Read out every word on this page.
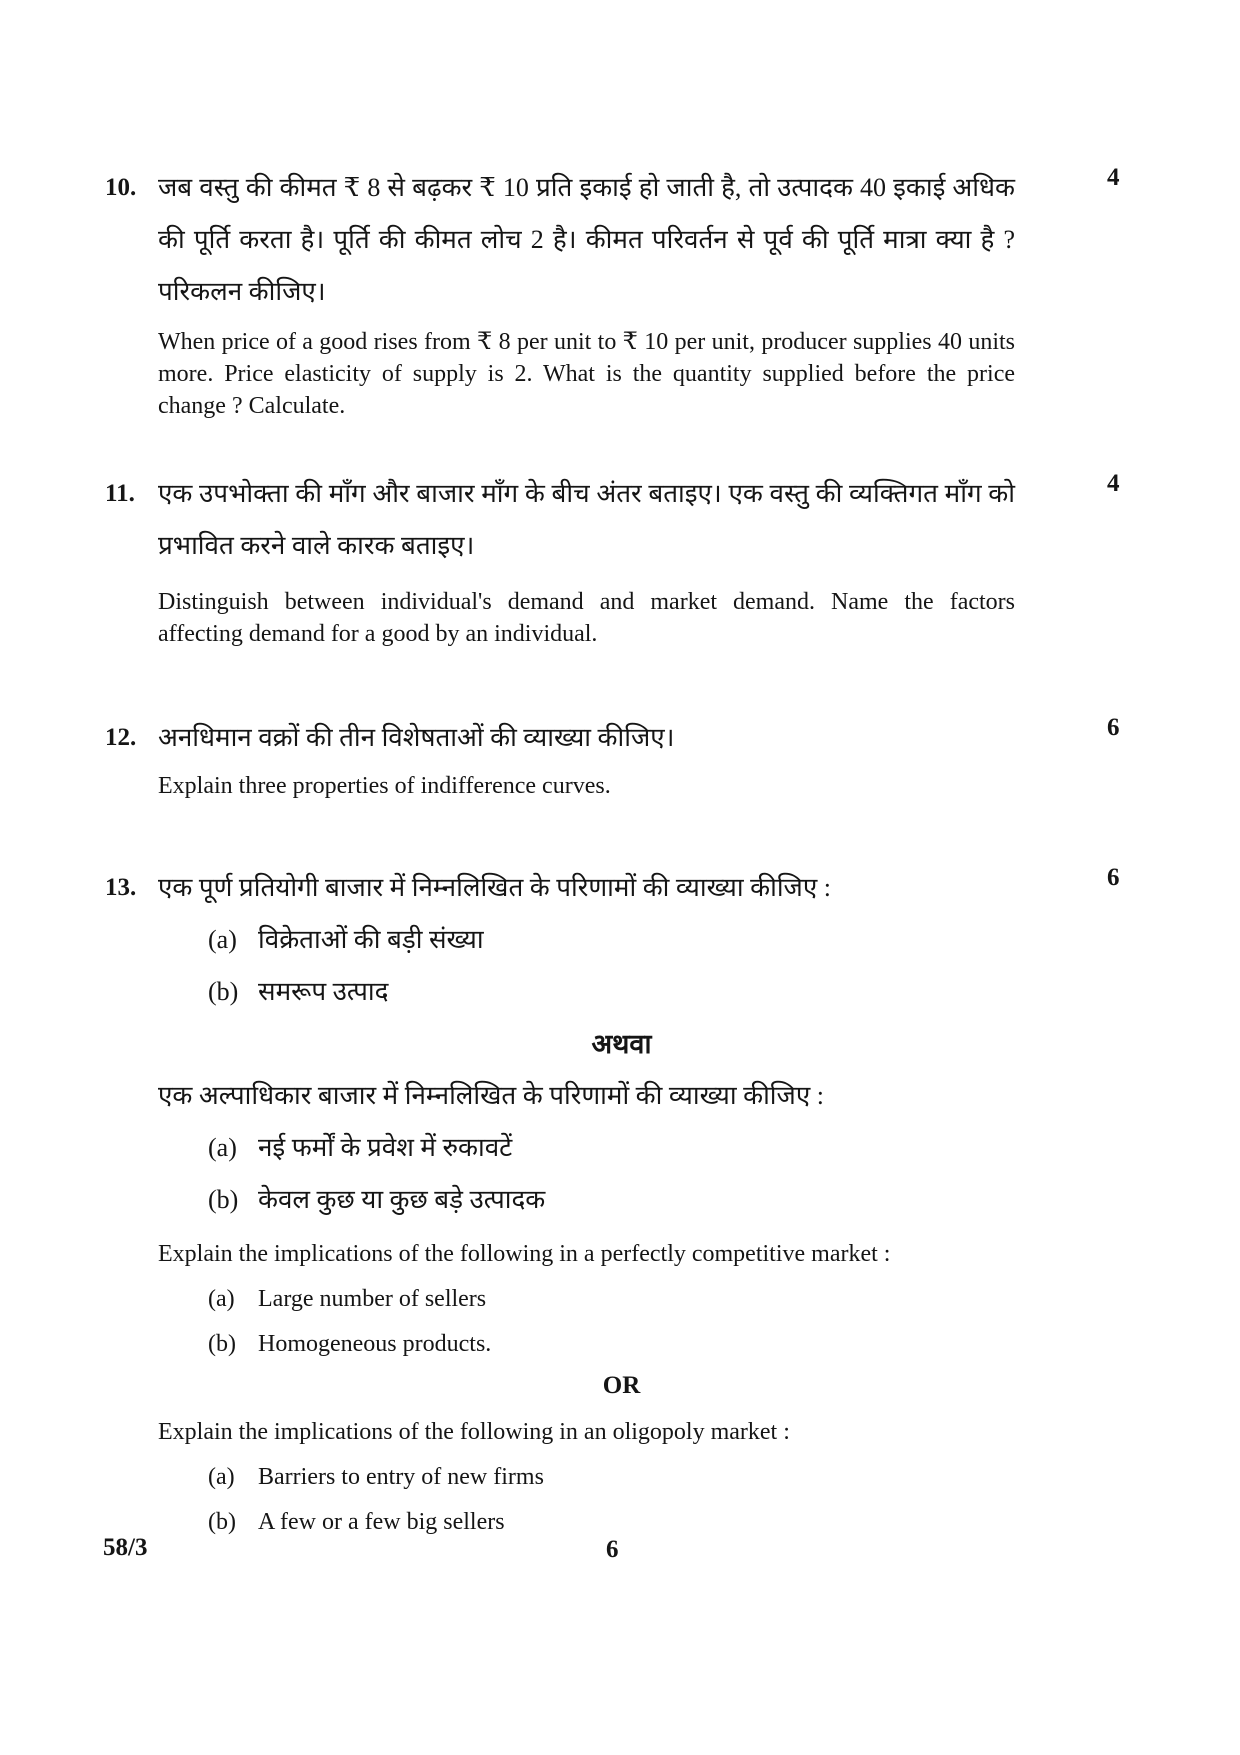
10. जब वस्तु की कीमत ₹ 8 से बढ़कर ₹ 10 प्रति इकाई हो जाती है, तो उत्पादक 40 इकाई अधिक की पूर्ति करता है। पूर्ति की कीमत लोच 2 है। कीमत परिवर्तन से पूर्व की पूर्ति मात्रा क्या है ? परिकलन कीजिए।

When price of a good rises from ₹ 8 per unit to ₹ 10 per unit, producer supplies 40 units more. Price elasticity of supply is 2. What is the quantity supplied before the price change ? Calculate.

4
11. एक उपभोक्ता की माँग और बाजार माँग के बीच अंतर बताइए। एक वस्तु की व्यक्तिगत माँग को प्रभावित करने वाले कारक बताइए।

Distinguish between individual's demand and market demand. Name the factors affecting demand for a good by an individual.

4
12. अनधिमान वक्रों की तीन विशेषताओं की व्याख्या कीजिए।

Explain three properties of indifference curves.

6
13. एक पूर्ण प्रतियोगी बाजार में निम्नलिखित के परिणामों की व्याख्या कीजिए :

(a) विक्रेताओं की बड़ी संख्या
(b) समरूप उत्पाद

अथवा

एक अल्पाधिकार बाजार में निम्नलिखित के परिणामों की व्याख्या कीजिए :

(a) नई फर्मों के प्रवेश में रुकावटें
(b) केवल कुछ या कुछ बड़े उत्पादक

Explain the implications of the following in a perfectly competitive market :

(a) Large number of sellers
(b) Homogeneous products.

OR

Explain the implications of the following in an oligopoly market :

(a) Barriers to entry of new firms
(b) A few or a few big sellers
6
58/3	6
